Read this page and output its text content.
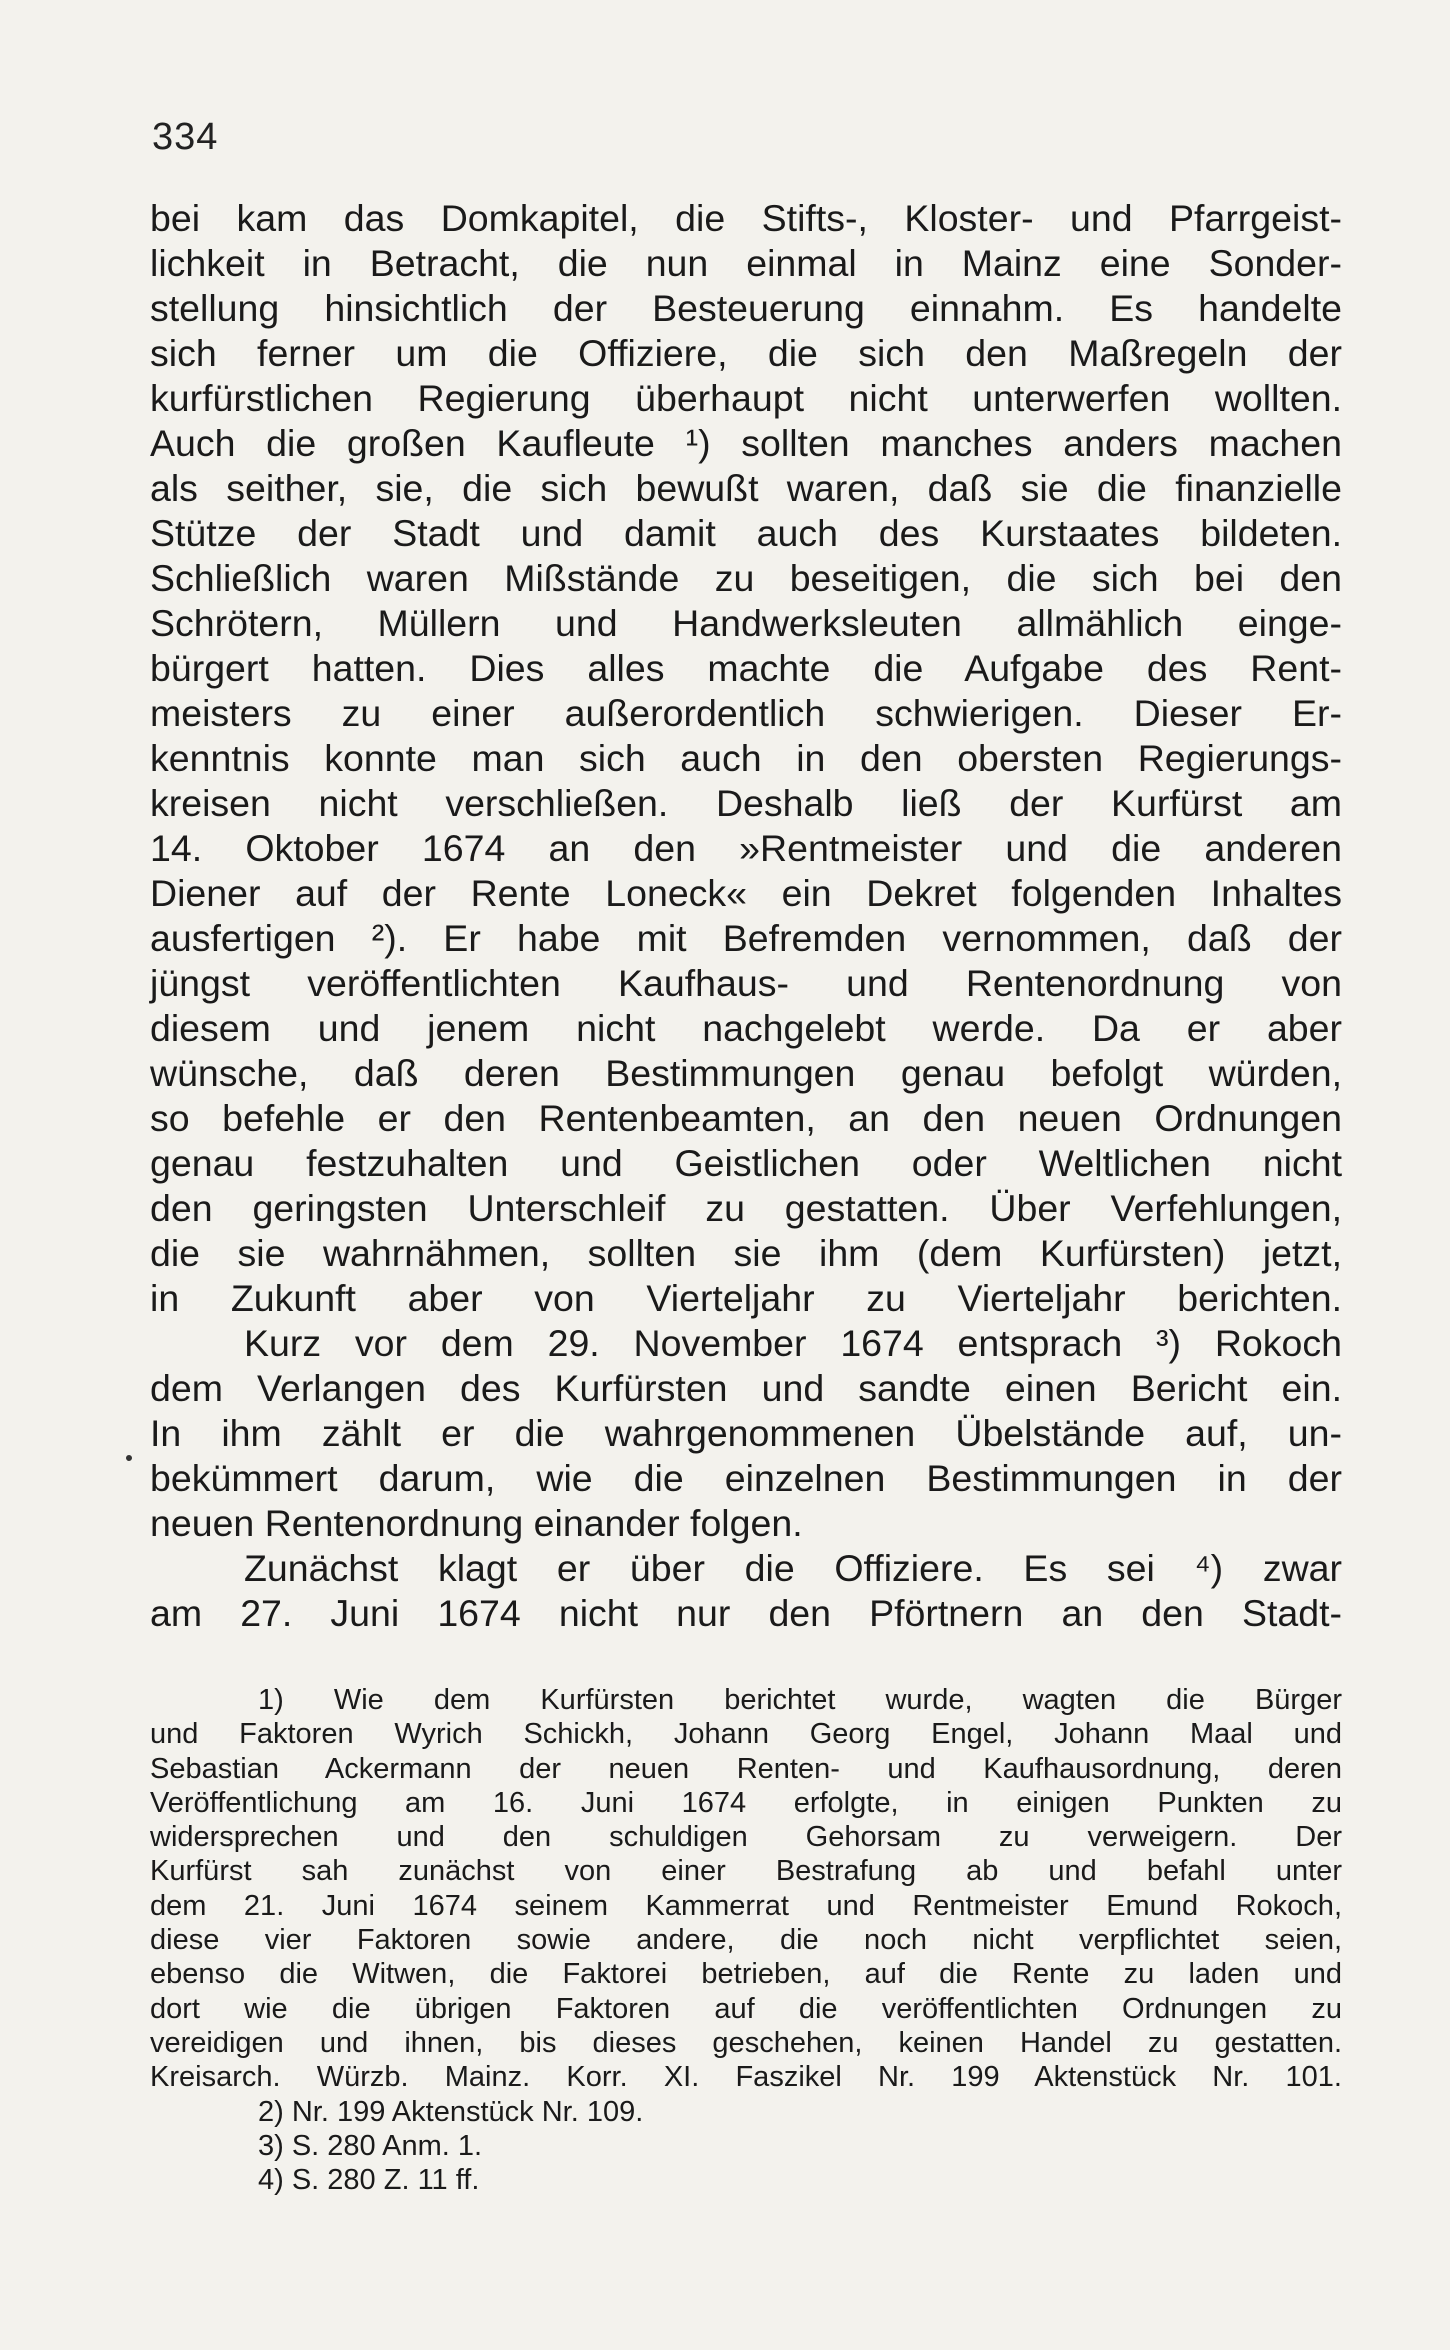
334
bei kam das Domkapitel, die Stifts-, Kloster- und Pfarrgeist-
lichkeit in Betracht, die nun einmal in Mainz eine Sonder-
stellung hinsichtlich der Besteuerung einnahm. Es handelte
sich ferner um die Offiziere, die sich den Maßregeln der
kurfürstlichen Regierung überhaupt nicht unterwerfen wollten.
Auch die großen Kaufleute ¹) sollten manches anders machen
als seither, sie, die sich bewußt waren, daß sie die finanzielle
Stütze der Stadt und damit auch des Kurstaates bildeten.
Schließlich waren Mißstände zu beseitigen, die sich bei den
Schrötern, Müllern und Handwerksleuten allmählich einge-
bürgert hatten. Dies alles machte die Aufgabe des Rent-
meisters zu einer außerordentlich schwierigen. Dieser Er-
kenntnis konnte man sich auch in den obersten Regierungs-
kreisen nicht verschließen. Deshalb ließ der Kurfürst am
14. Oktober 1674 an den »Rentmeister und die anderen
Diener auf der Rente Loneck« ein Dekret folgenden Inhaltes
ausfertigen ²). Er habe mit Befremden vernommen, daß der
jüngst veröffentlichten Kaufhaus- und Rentenordnung von
diesem und jenem nicht nachgelebt werde. Da er aber
wünsche, daß deren Bestimmungen genau befolgt würden,
so befehle er den Rentenbeamten, an den neuen Ordnungen
genau festzuhalten und Geistlichen oder Weltlichen nicht
den geringsten Unterschleif zu gestatten. Über Verfehlungen,
die sie wahrnähmen, sollten sie ihm (dem Kurfürsten) jetzt,
in Zukunft aber von Vierteljahr zu Vierteljahr berichten.
Kurz vor dem 29. November 1674 entsprach ³) Rokoch
dem Verlangen des Kurfürsten und sandte einen Bericht ein.
In ihm zählt er die wahrgenommenen Übelstände auf, un-
bekümmert darum, wie die einzelnen Bestimmungen in der
neuen Rentenordnung einander folgen.
Zunächst klagt er über die Offiziere. Es sei ⁴) zwar
am 27. Juni 1674 nicht nur den Pförtnern an den Stadt-
1) Wie dem Kurfürsten berichtet wurde, wagten die Bürger
und Faktoren Wyrich Schickh, Johann Georg Engel, Johann Maal und
Sebastian Ackermann der neuen Renten- und Kaufhausordnung, deren
Veröffentlichung am 16. Juni 1674 erfolgte, in einigen Punkten zu
widersprechen und den schuldigen Gehorsam zu verweigern. Der
Kurfürst sah zunächst von einer Bestrafung ab und befahl unter
dem 21. Juni 1674 seinem Kammerrat und Rentmeister Emund Rokoch,
diese vier Faktoren sowie andere, die noch nicht verpflichtet seien,
ebenso die Witwen, die Faktorei betrieben, auf die Rente zu laden und
dort wie die übrigen Faktoren auf die veröffentlichten Ordnungen zu
vereidigen und ihnen, bis dieses geschehen, keinen Handel zu gestatten.
Kreisarch. Würzb. Mainz. Korr. XI. Faszikel Nr. 199 Aktenstück Nr. 101.
2) Nr. 199 Aktenstück Nr. 109.
3) S. 280 Anm. 1.
4) S. 280 Z. 11 ff.
